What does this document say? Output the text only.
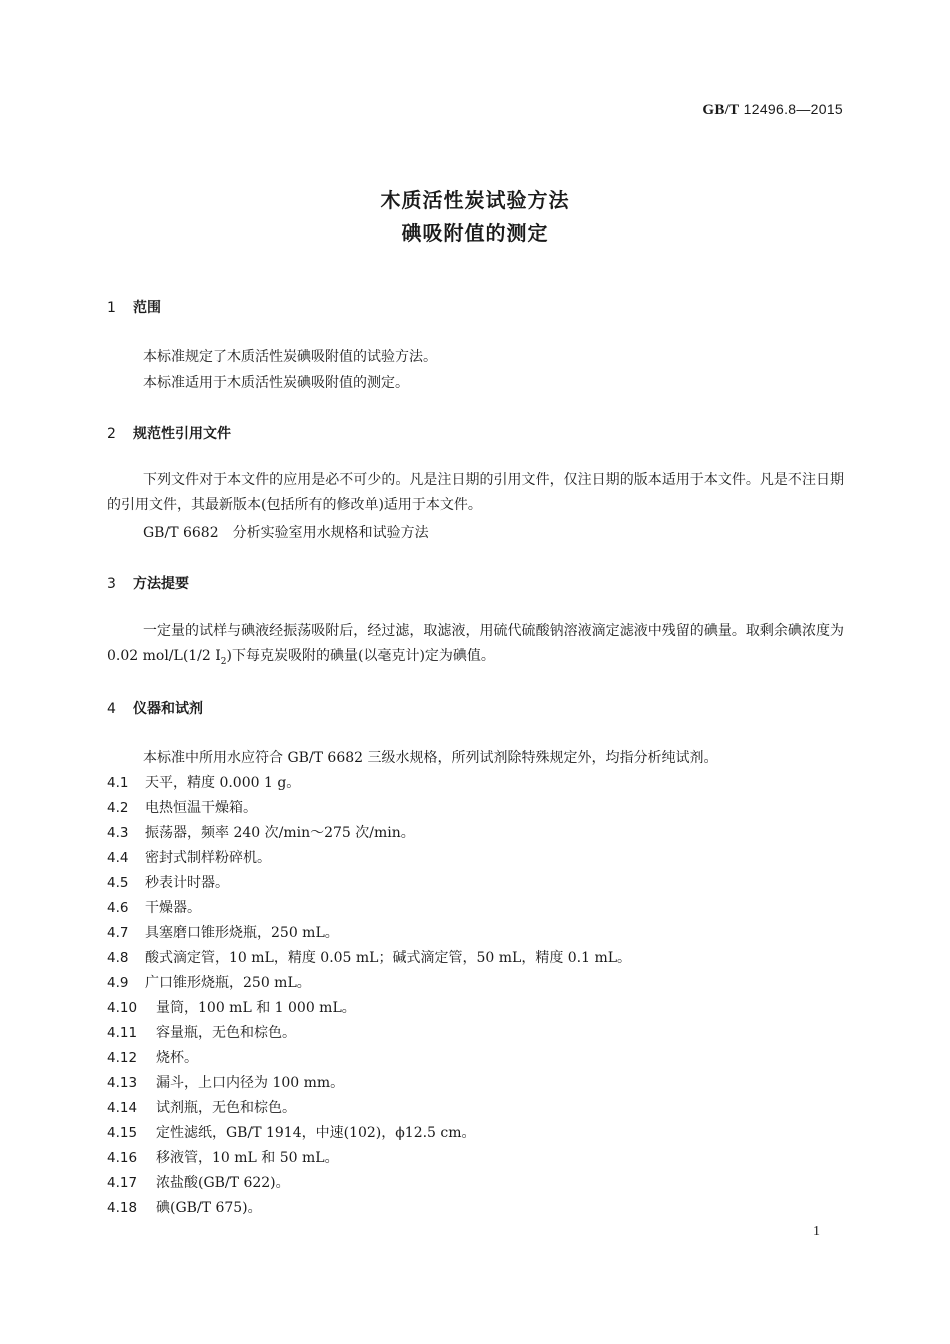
GB/T 12496.8—2015
木质活性炭试验方法
碘吸附值的测定
1 范围
本标准规定了木质活性炭碘吸附值的试验方法。
本标准适用于木质活性炭碘吸附值的测定。
2 规范性引用文件
下列文件对于本文件的应用是必不可少的。凡是注日期的引用文件，仅注日期的版本适用于本文件。凡是不注日期的引用文件，其最新版本(包括所有的修改单)适用于本文件。
GB/T 6682　分析实验室用水规格和试验方法
3 方法提要
一定量的试样与碘液经振荡吸附后，经过滤，取滤液，用硫代硫酸钠溶液滴定滤液中残留的碘量。取剩余碘浓度为 0.02 mol/L(1/2 $I_2$)下每克炭吸附的碘量(以毫克计)定为碘值。
4 仪器和试剂
本标准中所用水应符合 GB/T 6682 三级水规格，所列试剂除特殊规定外，均指分析纯试剂。
4.1 天平，精度 0.000 1 g。
4.2 电热恒温干燥箱。
4.3 振荡器，频率 240 次/min～275 次/min。
4.4 密封式制样粉碎机。
4.5 秒表计时器。
4.6 干燥器。
4.7 具塞磨口锥形烧瓶，250 mL。
4.8 酸式滴定管，10 mL，精度 0.05 mL；碱式滴定管，50 mL，精度 0.1 mL。
4.9 广口锥形烧瓶，250 mL。
4.10 量筒，100 mL 和 1 000 mL。
4.11 容量瓶，无色和棕色。
4.12 烧杯。
4.13 漏斗，上口内径为 100 mm。
4.14 试剂瓶，无色和棕色。
4.15 定性滤纸，GB/T 1914，中速(102)，ϕ12.5 cm。
4.16 移液管，10 mL 和 50 mL。
4.17 浓盐酸(GB/T 622)。
4.18 碘(GB/T 675)。
1
